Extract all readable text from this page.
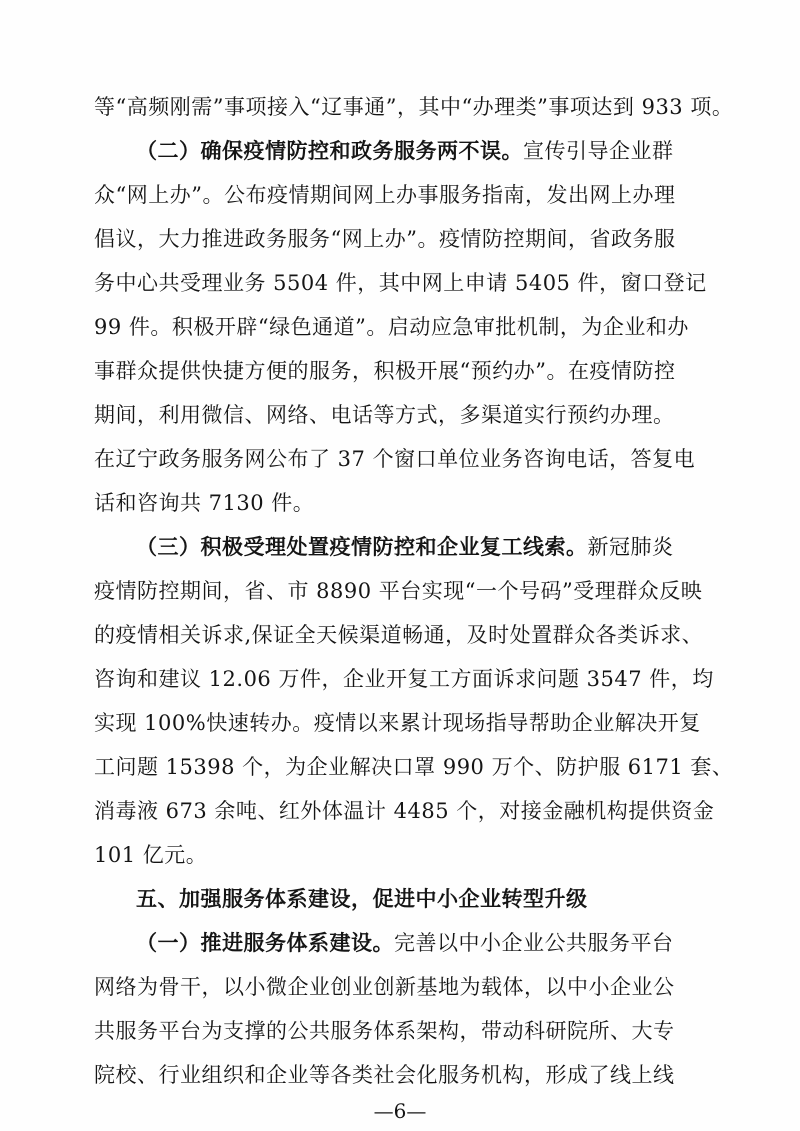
等“高频刚需”事项接入“辽事通”，其中“办理类”事项达到 933 项。
（二）确保疫情防控和政务服务两不误。宣传引导企业群
众“网上办”。公布疫情期间网上办事服务指南，发出网上办理
倡议，大力推进政务服务“网上办”。疫情防控期间，省政务服
务中心共受理业务 5504 件，其中网上申请 5405 件，窗口登记
99 件。积极开辟“绿色通道”。启动应急审批机制，为企业和办
事群众提供快捷方便的服务，积极开展“预约办”。在疫情防控
期间，利用微信、网络、电话等方式，多渠道实行预约办理。
在辽宁政务服务网公布了 37 个窗口单位业务咨询电话，答复电
话和咨询共 7130 件。
（三）积极受理处置疫情防控和企业复工线索。新冠肺炎
疫情防控期间，省、市 8890 平台实现“一个号码”受理群众反映
的疫情相关诉求,保证全天候渠道畅通，及时处置群众各类诉求、
咨询和建议 12.06 万件，企业开复工方面诉求问题 3547 件，均
实现 100%快速转办。疫情以来累计现场指导帮助企业解决开复
工问题 15398 个，为企业解决口罩 990 万个、防护服 6171 套、
消毒液 673 余吨、红外体温计 4485 个，对接金融机构提供资金
101 亿元。
五、加强服务体系建设，促进中小企业转型升级
（一）推进服务体系建设。完善以中小企业公共服务平台
网络为骨干，以小微企业创业创新基地为载体，以中小企业公
共服务平台为支撑的公共服务体系架构，带动科研院所、大专
院校、行业组织和企业等各类社会化服务机构，形成了线上线
—6—
